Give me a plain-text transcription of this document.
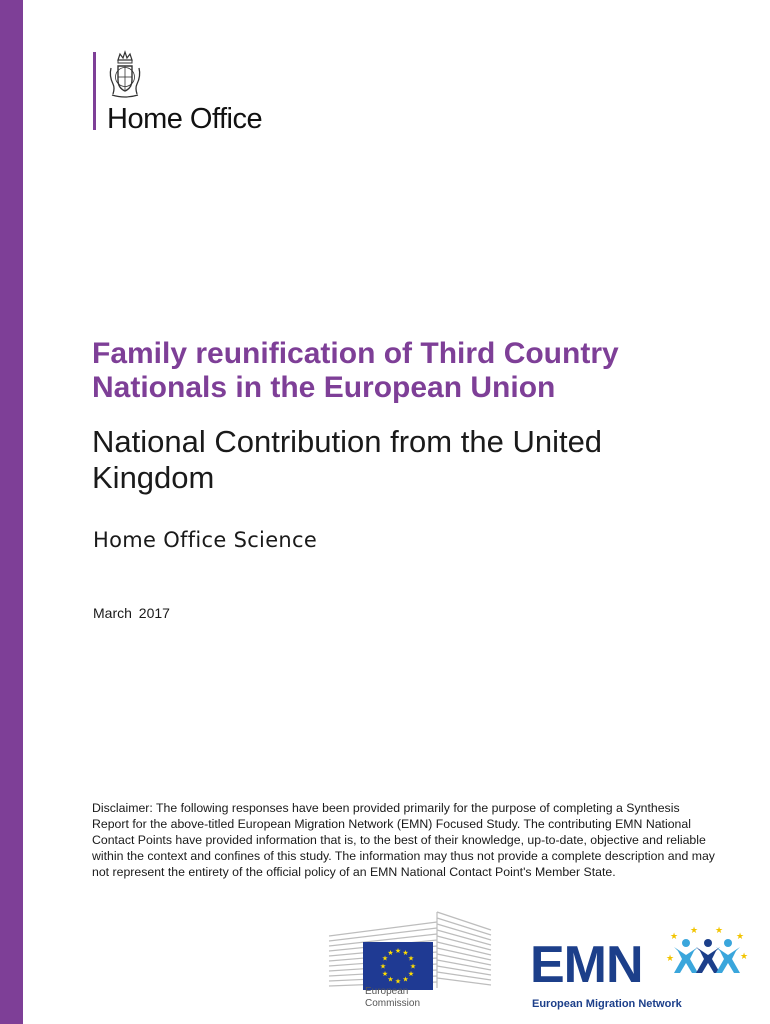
Home Office
Family reunification of Third Country Nationals in the European Union
National Contribution from the United Kingdom
Home Office Science
March 2017

Disclaimer: The following responses have been provided primarily for the purpose of completing a Synthesis Report for the above-titled European Migration Network (EMN) Focused Study. The contributing EMN National Contact Points have provided information that is, to the best of their knowledge, up-to-date, objective and reliable within the context and confines of this study. The information may thus not provide a complete description and may not represent the entirety of the official policy of an EMN National Contact Point's Member State.

★ ★
★
★
★
★
★
★
★
★
★
★
European
Commission
EMN
European Migration Network
★
★ ★
★
★
★
